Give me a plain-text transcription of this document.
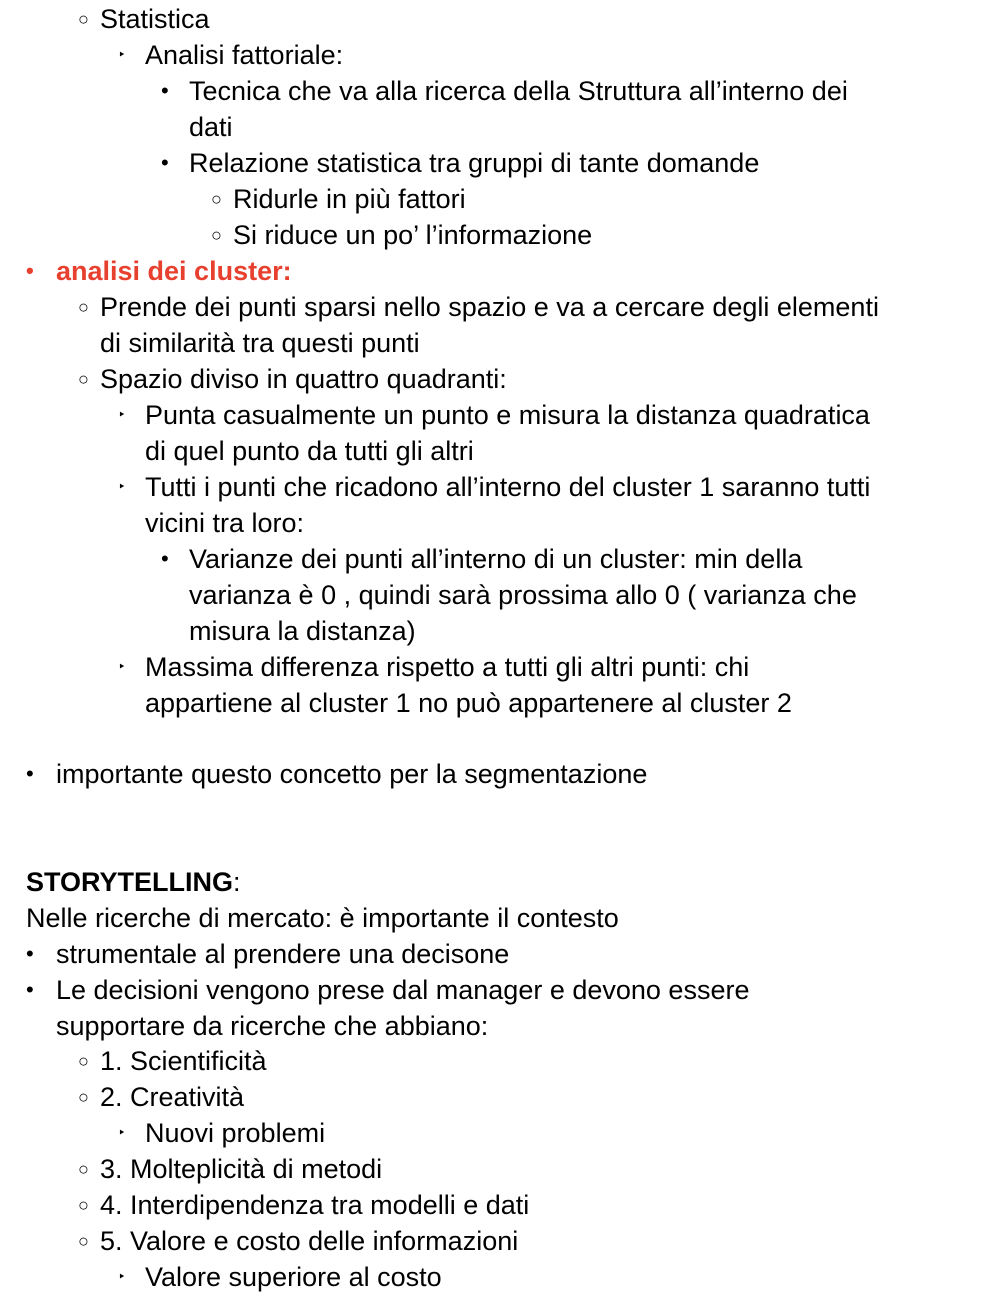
○ Statistica
‣ Analisi fattoriale:
• Tecnica che va alla ricerca della Struttura all’interno dei
dati
• Relazione statistica tra gruppi di tante domande
○ Ridurle in più fattori
○ Si riduce un po’ l’informazione
• analisi dei cluster:
○ Prende dei punti sparsi nello spazio e va a cercare degli elementi
di similarità tra questi punti
○ Spazio diviso in quattro quadranti:
‣ Punta casualmente un punto e misura la distanza quadratica
di quel punto da tutti gli altri
‣ Tutti i punti che ricadono all’interno del cluster 1 saranno tutti
vicini tra loro:
• Varianze dei punti all’interno di un cluster: min della
varianza è 0 , quindi sarà prossima allo 0 ( varianza che
misura la distanza)
‣ Massima differenza rispetto a tutti gli altri punti: chi
appartiene al cluster 1 no può appartenere al cluster 2
• importante questo concetto per la segmentazione
STORYTELLING:
Nelle ricerche di mercato: è importante il contesto
• strumentale al prendere una decisone
• Le decisioni vengono prese dal manager e devono essere
supportare da ricerche che abbiano:
○ 1. Scientificità
○ 2. Creatività
‣ Nuovi problemi
○ 3. Molteplicità di metodi
○ 4. Interdipendenza tra modelli e dati
○ 5. Valore e costo delle informazioni
‣ Valore superiore al costo
